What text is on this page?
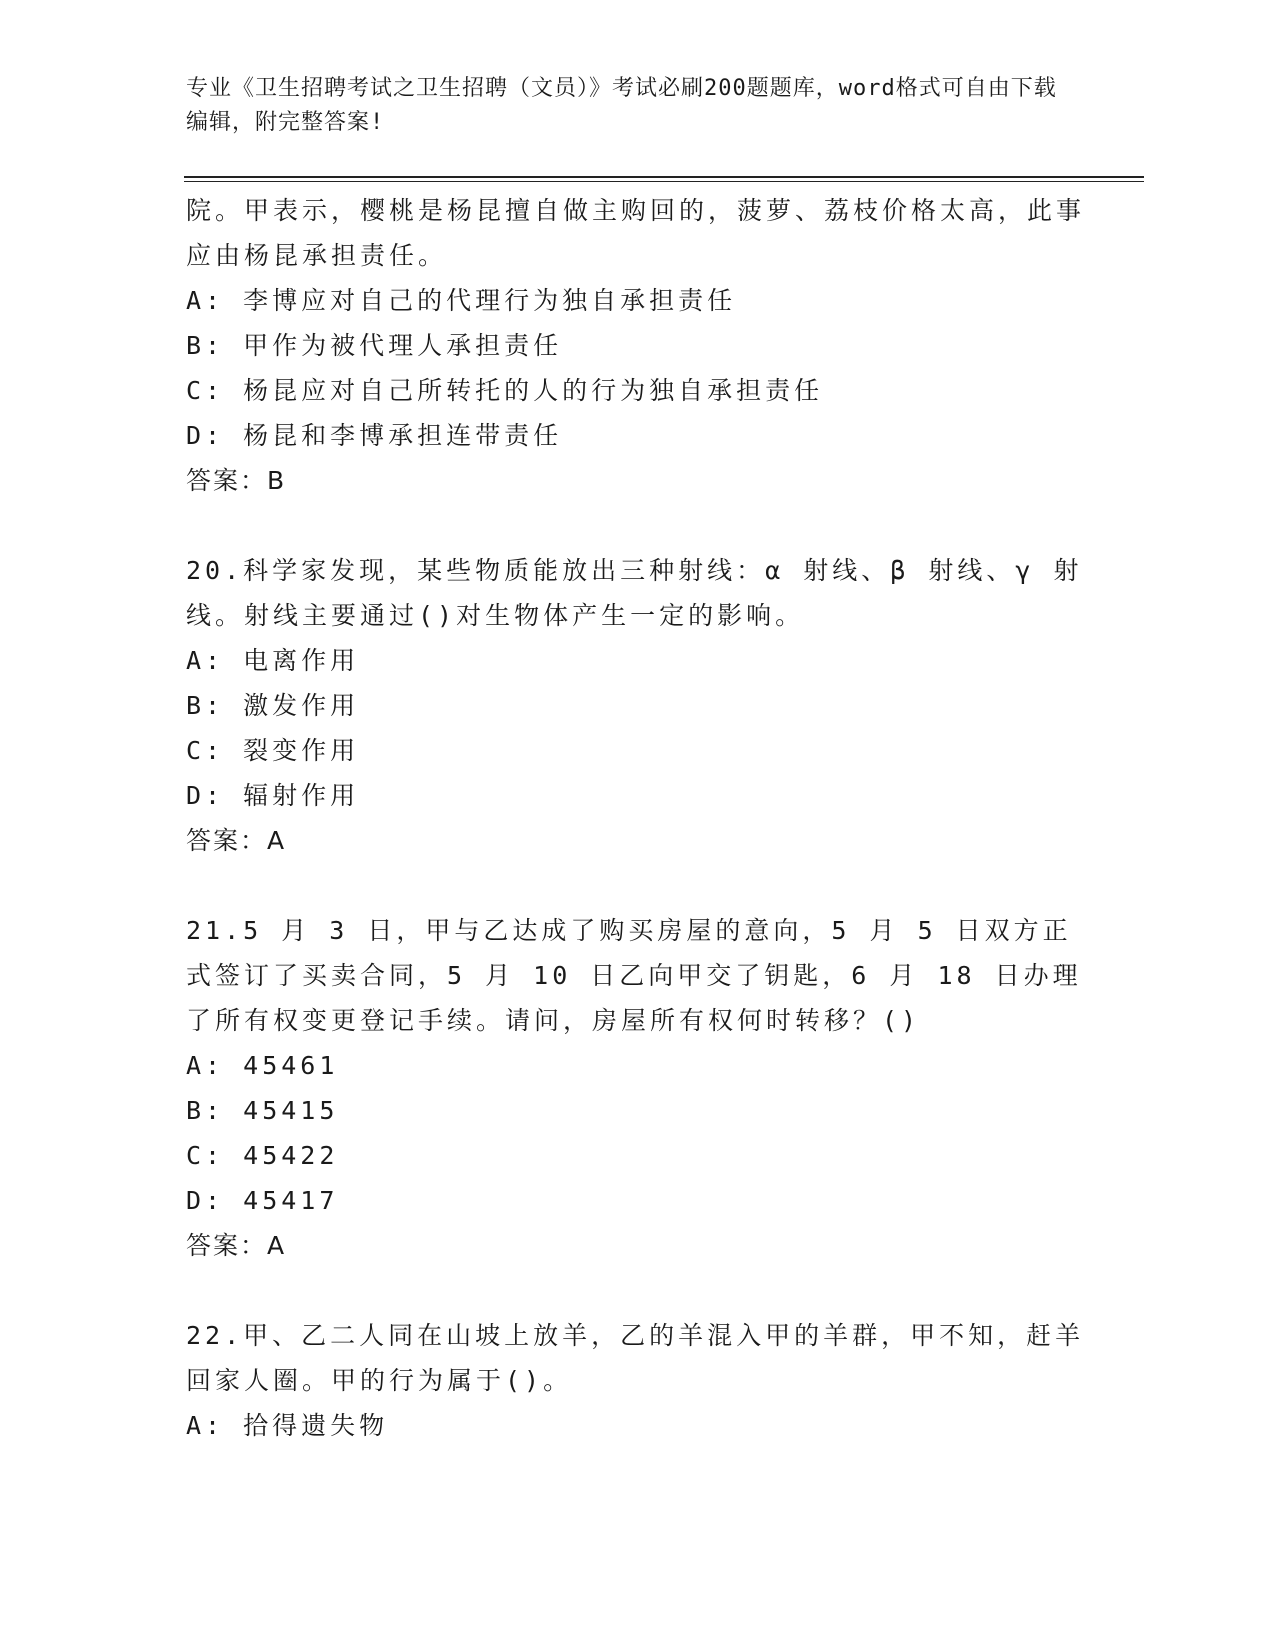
专业《卫生招聘考试之卫生招聘（文员）》考试必刷200题题库，word格式可自由下载编辑，附完整答案!

院。甲表示，樱桃是杨昆擅自做主购回的，菠萝、荔枝价格太高，此事应由杨昆承担责任。

A: 李博应对自己的代理行为独自承担责任

B: 甲作为被代理人承担责任

C: 杨昆应对自己所转托的人的行为独自承担责任

D: 杨昆和李博承担连带责任

答案：B

20.科学家发现，某些物质能放出三种射线：α 射线、β 射线、γ 射线。射线主要通过()对生物体产生一定的影响。

A: 电离作用

B: 激发作用

C: 裂变作用

D: 辐射作用

答案：A

21.5 月 3 日，甲与乙达成了购买房屋的意向，5 月 5 日双方正式签订了买卖合同，5 月 10 日乙向甲交了钥匙，6 月 18 日办理了所有权变更登记手续。请问，房屋所有权何时转移？()

A: 45461

B: 45415

C: 45422

D: 45417

答案：A

22.甲、乙二人同在山坡上放羊，乙的羊混入甲的羊群，甲不知，赶羊回家人圈。甲的行为属于()。

A: 拾得遗失物
